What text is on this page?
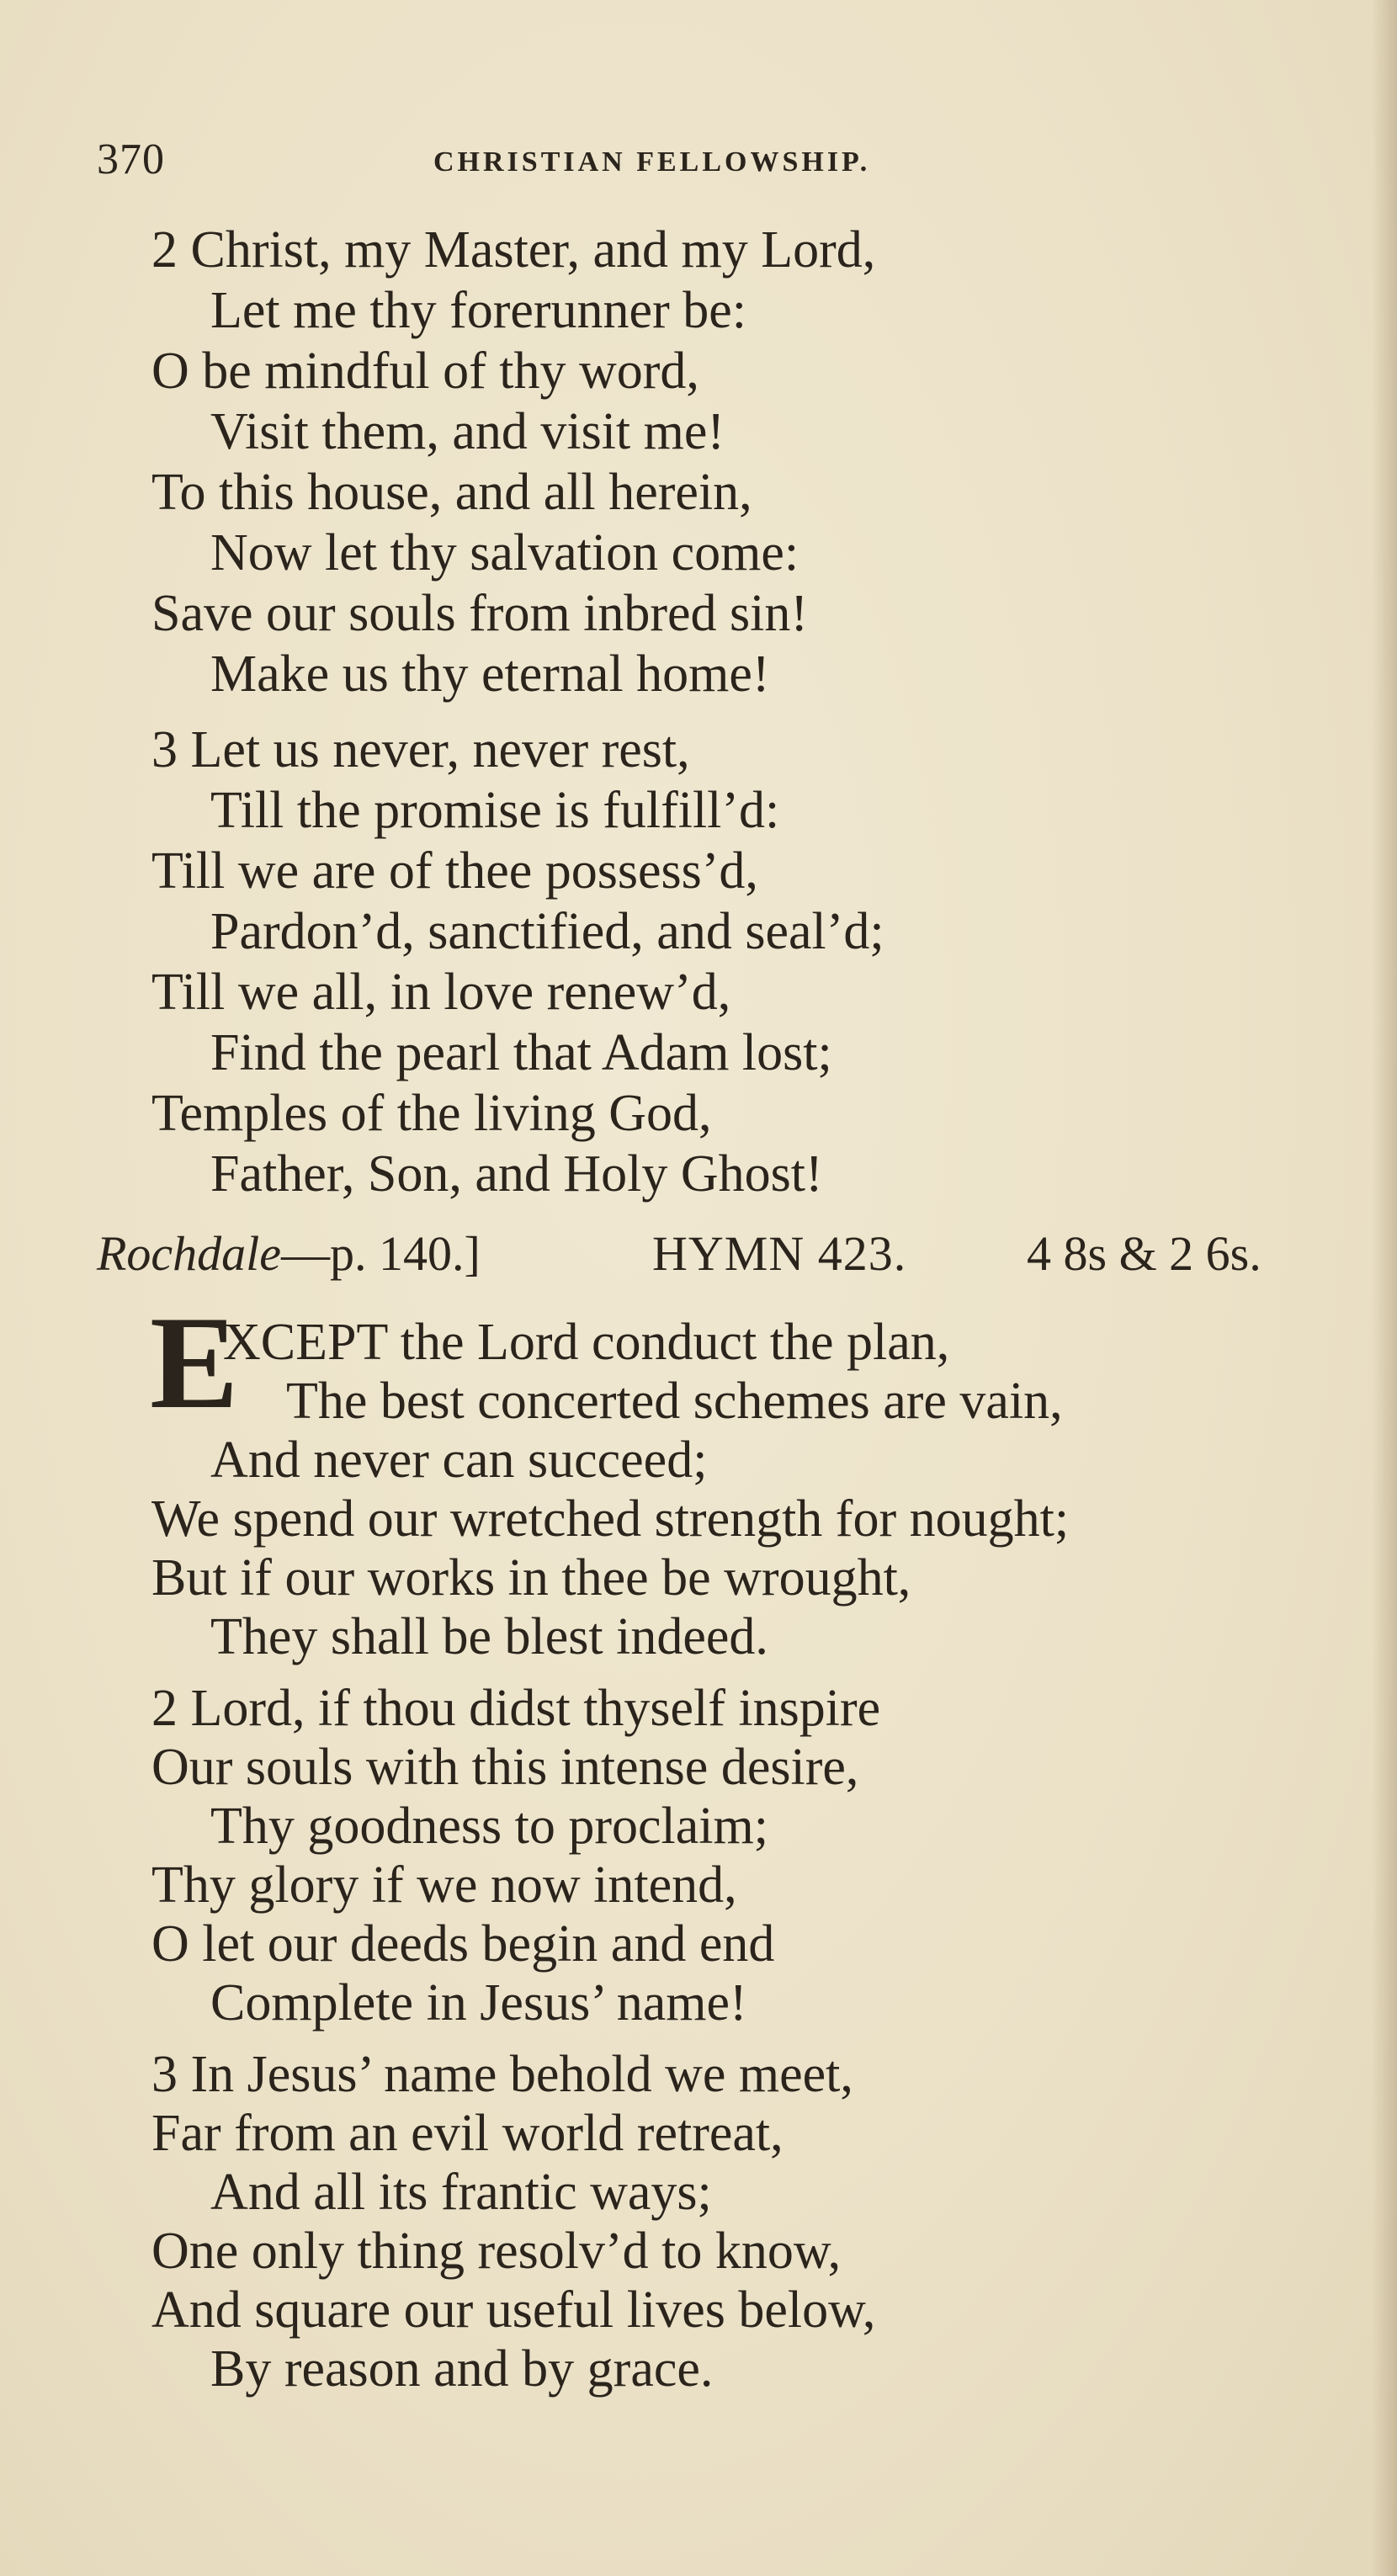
370	CHRISTIAN FELLOWSHIP.
2 Christ, my Master, and my Lord,
Let me thy forerunner be:
O be mindful of thy word,
Visit them, and visit me!
To this house, and all herein,
Now let thy salvation come:
Save our souls from inbred sin!
Make us thy eternal home!
3 Let us never, never rest,
Till the promise is fulfill’d:
Till we are of thee possess’d,
Pardon’d, sanctified, and seal’d;
Till we all, in love renew’d,
Find the pearl that Adam lost;
Temples of the living God,
Father, Son, and Holy Ghost!
Rochdale—p. 140.]	HYMN 423. 4 8s & 2 6s.
E
XCEPT the Lord conduct the plan,
The best concerted schemes are vain,
And never can succeed;
We spend our wretched strength for nought;
But if our works in thee be wrought,
They shall be blest indeed.
2 Lord, if thou didst thyself inspire
Our souls with this intense desire,
Thy goodness to proclaim;
Thy glory if we now intend,
O let our deeds begin and end
Complete in Jesus’ name!
3 In Jesus’ name behold we meet,
Far from an evil world retreat,
And all its frantic ways;
One only thing resolv’d to know,
And square our useful lives below,
By reason and by grace.
